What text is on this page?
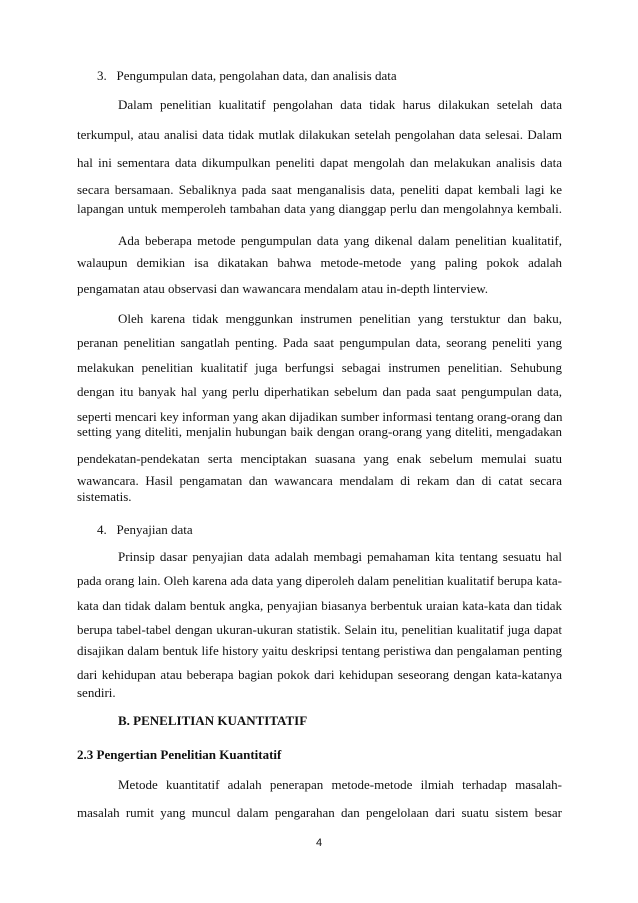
3. Pengumpulan data, pengolahan data, dan analisis data

Dalam penelitian kualitatif pengolahan data tidak harus dilakukan setelah data

terkumpul, atau analisi data tidak mutlak dilakukan setelah pengolahan data selesai. Dalam

hal ini sementara data dikumpulkan peneliti dapat mengolah dan melakukan analisis data

secara bersamaan. Sebaliknya pada saat menganalisis data, peneliti dapat kembali lagi ke

lapangan untuk memperoleh tambahan data yang dianggap perlu dan mengolahnya kembali.

Ada beberapa metode pengumpulan data yang dikenal dalam penelitian kualitatif,

walaupun demikian isa dikatakan bahwa metode-metode yang paling pokok adalah

pengamatan atau observasi dan wawancara mendalam atau in-depth linterview.

Oleh karena tidak menggunkan instrumen penelitian yang terstuktur dan baku,

peranan penelitian sangatlah penting. Pada saat pengumpulan data, seorang peneliti yang

melakukan penelitian kualitatif juga berfungsi sebagai instrumen penelitian. Sehubung

dengan itu banyak hal yang perlu diperhatikan sebelum dan pada saat pengumpulan data,

seperti mencari key informan yang akan dijadikan sumber informasi tentang orang-orang dan

setting yang diteliti, menjalin hubungan baik dengan orang-orang yang diteliti, mengadakan

pendekatan-pendekatan serta menciptakan suasana yang enak sebelum memulai suatu

wawancara. Hasil pengamatan dan wawancara mendalam di rekam dan di catat secara

sistematis.

4. Penyajian data

Prinsip dasar penyajian data adalah membagi pemahaman kita tentang sesuatu hal

pada orang lain. Oleh karena ada data yang diperoleh dalam penelitian kualitatif berupa kata-

kata dan tidak dalam bentuk angka, penyajian biasanya berbentuk uraian kata-kata dan tidak

berupa tabel-tabel dengan ukuran-ukuran statistik. Selain itu, penelitian kualitatif juga dapat

disajikan dalam bentuk life history yaitu deskripsi tentang peristiwa dan pengalaman penting

dari kehidupan atau beberapa bagian pokok dari kehidupan seseorang dengan kata-katanya

sendiri.

B. PENELITIAN KUANTITATIF

2.3 Pengertian Penelitian Kuantitatif

Metode kuantitatif adalah penerapan metode-metode ilmiah terhadap masalah-

masalah rumit yang muncul dalam pengarahan dan pengelolaan dari suatu sistem besar

4
